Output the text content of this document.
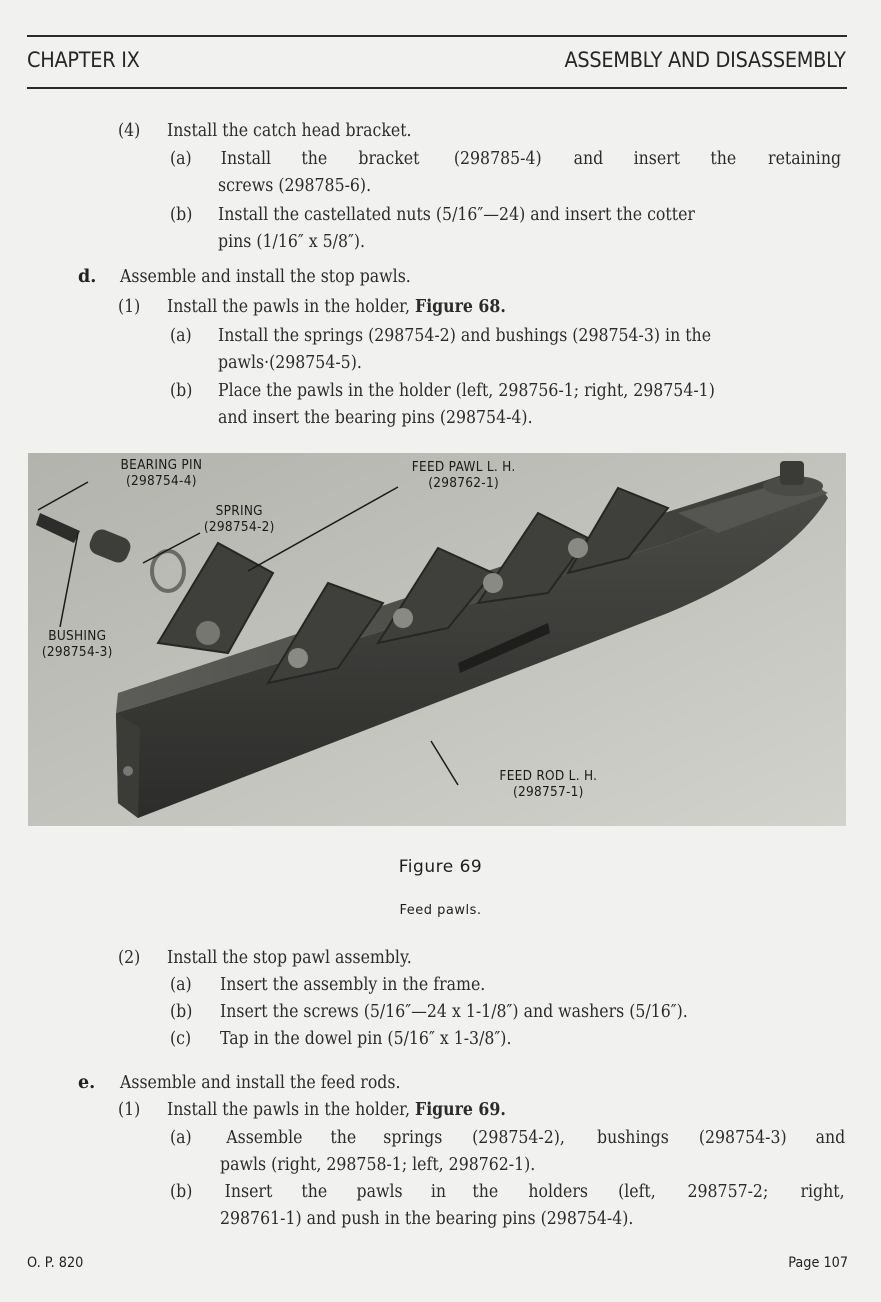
CHAPTER IX	ASSEMBLY AND DISASSEMBLY
(4) Install the catch head bracket.
(a) Install the bracket (298785-4) and insert the retaining
screws (298785-6).
(b) Install the castellated nuts (5/16″—24) and insert the cotter
pins (1/16″ x 5/8″).
d. Assemble and install the stop pawls.
(1) Install the pawls in the holder, Figure 68.
(a) Install the springs (298754-2) and bushings (298754-3) in the
pawls·(298754-5).
(b) Place the pawls in the holder (left, 298756-1; right, 298754-1)
and insert the bearing pins (298754-4).
BEARING PIN
(298754-4)
SPRING
(298754-2)
BUSHING
(298754-3)
FEED PAWL L. H.
(298762-1)
FEED ROD L. H.
(298757-1)
Figure 69
Feed pawls.
(2) Install the stop pawl assembly.
(a) Insert the assembly in the frame.
(b) Insert the screws (5/16″—24 x 1-1/8″) and washers (5/16″).
(c) Tap in the dowel pin (5/16″ x 1-3/8″).
e. Assemble and install the feed rods.
(1) Install the pawls in the holder, Figure 69.
(a) Assemble the springs (298754-2), bushings (298754-3) and
pawls (right, 298758-1; left, 298762-1).
(b) Insert the pawls in the holders (left, 298757-2; right,
298761-1) and push in the bearing pins (298754-4).
O. P. 820	Page 107
